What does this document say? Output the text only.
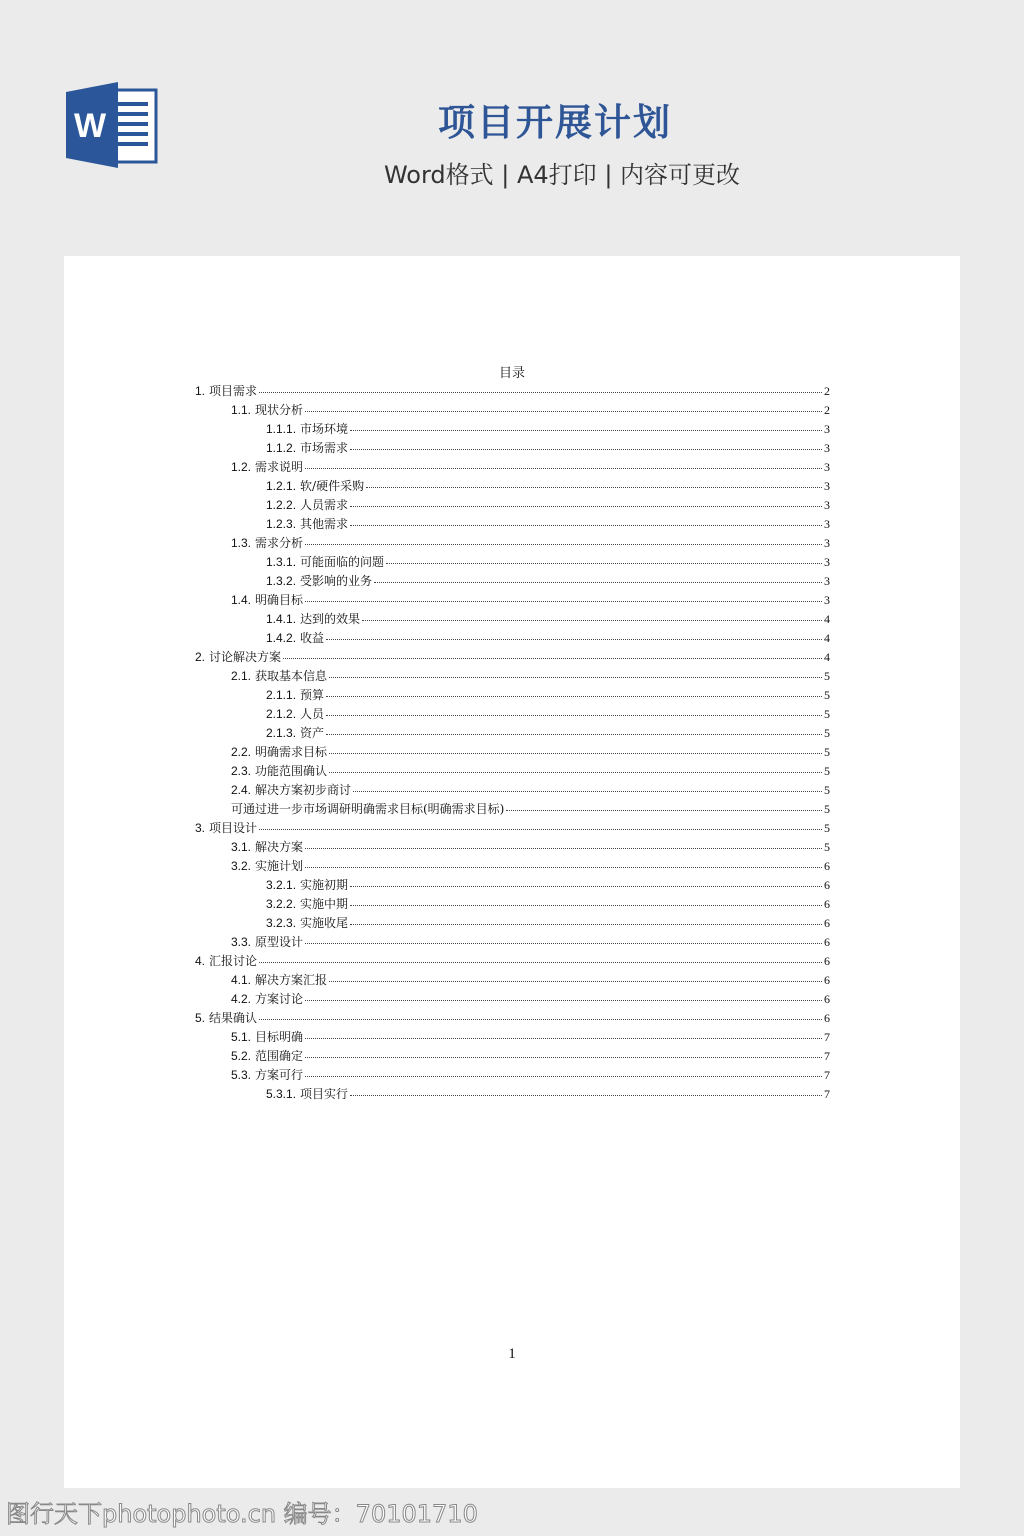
W	项目开展计划
Word格式 | A4打印 | 内容可更改
目录
1. 项目需求	2
1.1. 现状分析	2
1.1.1. 市场环境	3
1.1.2. 市场需求	3
1.2. 需求说明	3
1.2.1. 软/硬件采购	3
1.2.2. 人员需求	3
1.2.3. 其他需求	3
1.3. 需求分析	3
1.3.1. 可能面临的问题	3
1.3.2. 受影响的业务	3
1.4. 明确目标	3
1.4.1. 达到的效果	4
1.4.2. 收益	4
2. 讨论解决方案	4
2.1. 获取基本信息	5
2.1.1. 预算	5
2.1.2. 人员	5
2.1.3. 资产	5
2.2. 明确需求目标	5
2.3. 功能范围确认	5
2.4. 解决方案初步商讨	5
可通过进一步市场调研明确需求目标(明确需求目标)	5
3. 项目设计	5
3.1. 解决方案	5
3.2. 实施计划	6
3.2.1. 实施初期	6
3.2.2. 实施中期	6
3.2.3. 实施收尾	6
3.3. 原型设计	6
4. 汇报讨论	6
4.1. 解决方案汇报	6
4.2. 方案讨论	6
5. 结果确认	6
5.1. 目标明确	7
5.2. 范围确定	7
5.3. 方案可行	7
5.3.1. 项目实行	7
1
图行天下photophoto.cn 编号：70101710
